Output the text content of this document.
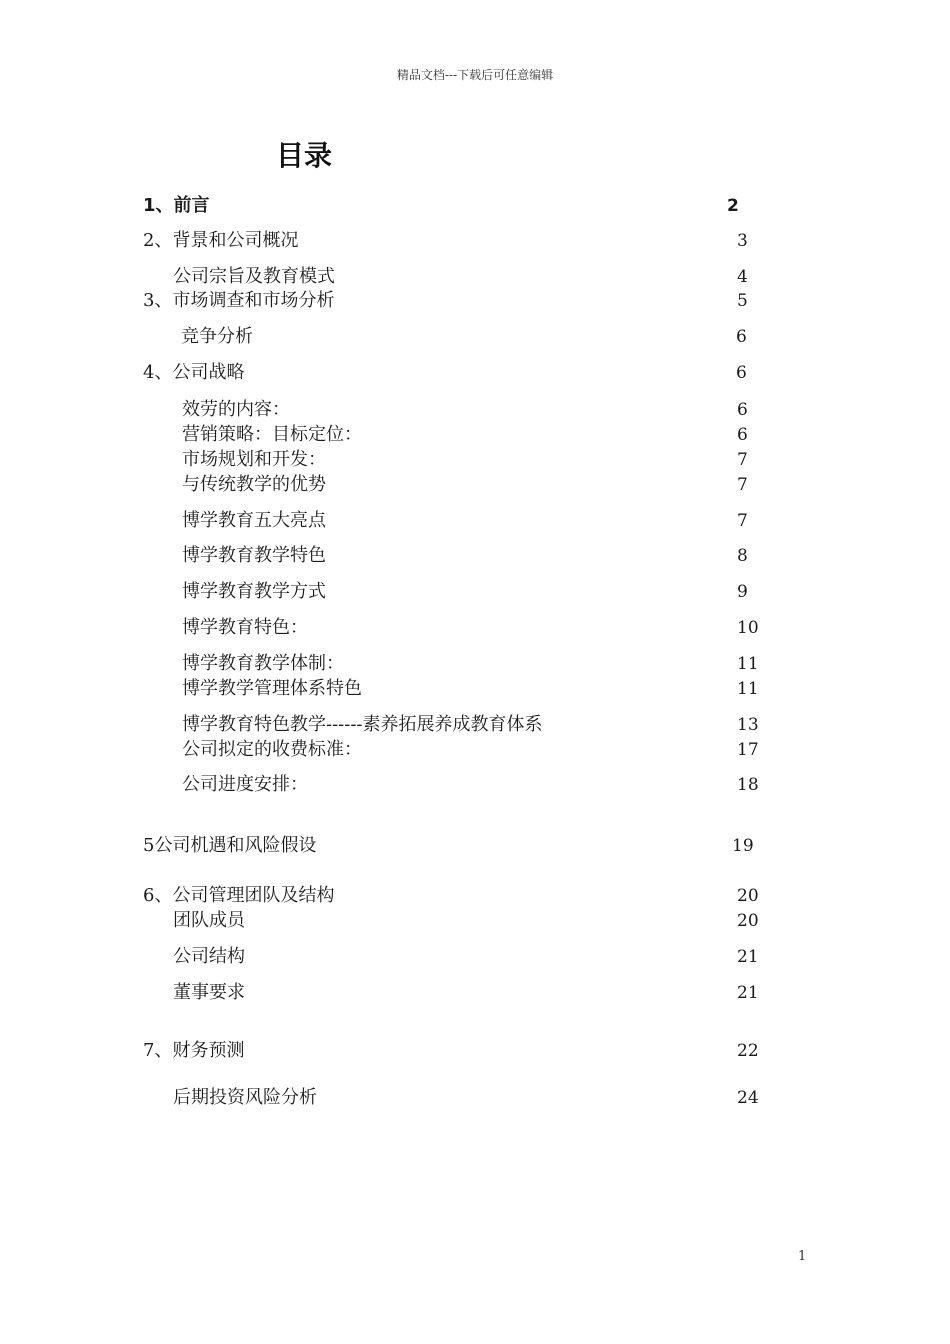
精品文档---下载后可任意编辑
目录
1、前言	2
2、背景和公司概况	3
公司宗旨及教育模式	4
3、市场调查和市场分析	5
竞争分析	6
4、公司战略	6
效劳的内容：	6
营销策略：目标定位：	6
市场规划和开发：	7
与传统教学的优势	7
博学教育五大亮点	7
博学教育教学特色	8
博学教育教学方式	9
博学教育特色：	10
博学教育教学体制：	11
博学教学管理体系特色	11
博学教育特色教学------素养拓展养成教育体系	13
公司拟定的收费标准：	17
公司进度安排：	18
5公司机遇和风险假设	19
6、公司管理团队及结构	20
团队成员	20
公司结构	21
董事要求	21
7、财务预测	22
后期投资风险分析	24
1
